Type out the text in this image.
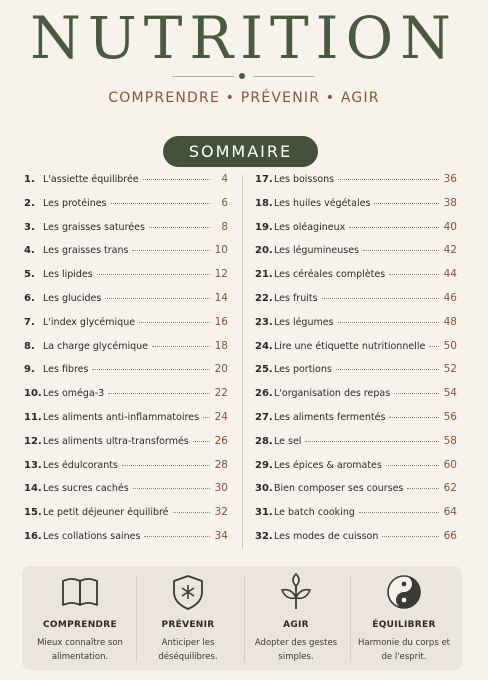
NUTRITION
COMPRENDRE • PRÉVENIR • AGIR
SOMMAIRE
1. L'assiette équilibrée	4
2. Les protéines	6
3. Les graisses saturées	8
4. Les graisses trans	10
5. Les lipides	12
6. Les glucides	14
7. L'index glycémique	16
8. La charge glycémique	18
9. Les fibres	20
10. Les oméga-3	22
11. Les aliments anti-inflammatoires 24
12. Les aliments ultra-transformés 26
13. Les édulcorants	28
14. Les sucres cachés	30
15. Le petit déjeuner équilibré	32
16. Les collations saines	34
17. Les boissons	36
18. Les huiles végétales	38
19. Les oléagineux	40
20. Les légumineuses	42
21. Les céréales complètes	44
22. Les fruits	46
23. Les légumes	48
24. Lire une étiquette nutritionnelle 50
25. Les portions	52
26. L'organisation des repas	54
27. Les aliments fermentés	56
28. Le sel	58
29. Les épices & aromates	60
30. Bien composer ses courses	62
31. Le batch cooking	64
32. Les modes de cuisson	66
COMPRENDRE
Mieux connaître son alimentation.
PRÉVENIR
Anticiper les déséquilibres.
AGIR
Adopter des gestes simples.
ÉQUILIBRER
Harmonie du corps et de l'esprit.
